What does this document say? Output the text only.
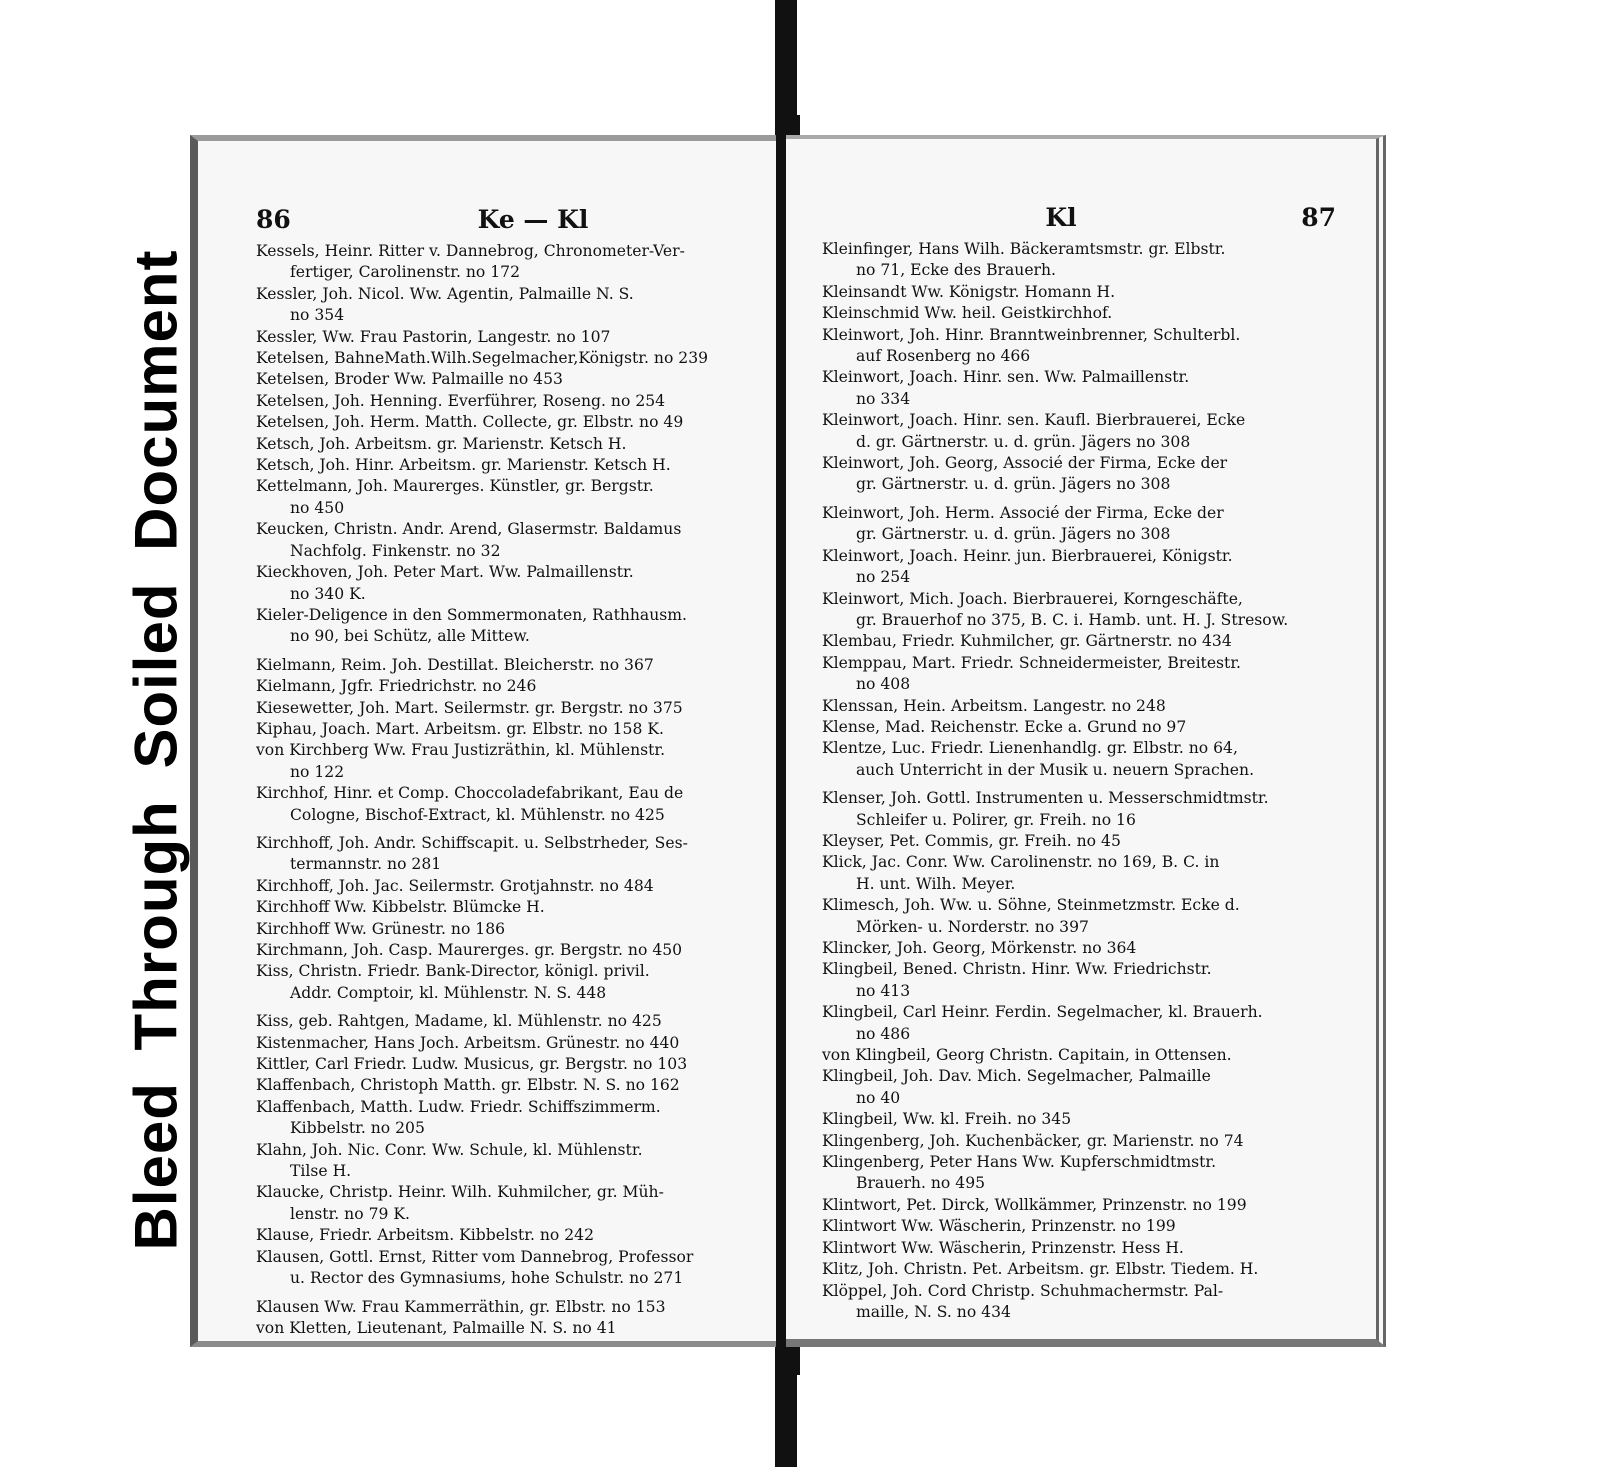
Bleed Through Soiled Document
86	Ke — Kl
Kessels, Heinr. Ritter v. Dannebrog, Chronometer-Ver-
fertiger, Carolinenstr. no 172
Kessler, Joh. Nicol. Ww. Agentin, Palmaille N. S.
no 354
Kessler, Ww. Frau Pastorin, Langestr. no 107
Ketelsen, BahneMath.Wilh.Segelmacher,Königstr. no 239
Ketelsen, Broder Ww. Palmaille no 453
Ketelsen, Joh. Henning. Everführer, Roseng. no 254
Ketelsen, Joh. Herm. Matth. Collecte, gr. Elbstr. no 49
Ketsch, Joh. Arbeitsm. gr. Marienstr. Ketsch H.
Ketsch, Joh. Hinr. Arbeitsm. gr. Marienstr. Ketsch H.
Kettelmann, Joh. Maurerges. Künstler, gr. Bergstr.
no 450
Keucken, Christn. Andr. Arend, Glasermstr. Baldamus
Nachfolg. Finkenstr. no 32
Kieckhoven, Joh. Peter Mart. Ww. Palmaillenstr.
no 340 K.
Kieler-Deligence in den Sommermonaten, Rathhausm.
no 90, bei Schütz, alle Mittew.
Kielmann, Reim. Joh. Destillat. Bleicherstr. no 367
Kielmann, Jgfr. Friedrichstr. no 246
Kiesewetter, Joh. Mart. Seilermstr. gr. Bergstr. no 375
Kiphau, Joach. Mart. Arbeitsm. gr. Elbstr. no 158 K.
von Kirchberg Ww. Frau Justizräthin, kl. Mühlenstr.
no 122
Kirchhof, Hinr. et Comp. Choccoladefabrikant, Eau de
Cologne, Bischof-Extract, kl. Mühlenstr. no 425
Kirchhoff, Joh. Andr. Schiffscapit. u. Selbstrheder, Ses-
termannstr. no 281
Kirchhoff, Joh. Jac. Seilermstr. Grotjahnstr. no 484
Kirchhoff Ww. Kibbelstr. Blümcke H.
Kirchhoff Ww. Grünestr. no 186
Kirchmann, Joh. Casp. Maurerges. gr. Bergstr. no 450
Kiss, Christn. Friedr. Bank-Director, königl. privil.
Addr. Comptoir, kl. Mühlenstr. N. S. 448
Kiss, geb. Rahtgen, Madame, kl. Mühlenstr. no 425
Kistenmacher, Hans Joch. Arbeitsm. Grünestr. no 440
Kittler, Carl Friedr. Ludw. Musicus, gr. Bergstr. no 103
Klaffenbach, Christoph Matth. gr. Elbstr. N. S. no 162
Klaffenbach, Matth. Ludw. Friedr. Schiffszimmerm.
Kibbelstr. no 205
Klahn, Joh. Nic. Conr. Ww. Schule, kl. Mühlenstr.
Tilse H.
Klaucke, Christp. Heinr. Wilh. Kuhmilcher, gr. Müh-
lenstr. no 79 K.
Klause, Friedr. Arbeitsm. Kibbelstr. no 242
Klausen, Gottl. Ernst, Ritter vom Dannebrog, Professor
u. Rector des Gymnasiums, hohe Schulstr. no 271
Klausen Ww. Frau Kammerräthin, gr. Elbstr. no 153
von Kletten, Lieutenant, Palmaille N. S. no 41
Kl	87
Kleinfinger, Hans Wilh. Bäckeramtsmstr. gr. Elbstr.
no 71, Ecke des Brauerh.
Kleinsandt Ww. Königstr. Homann H.
Kleinschmid Ww. heil. Geistkirchhof.
Kleinwort, Joh. Hinr. Branntweinbrenner, Schulterbl.
auf Rosenberg no 466
Kleinwort, Joach. Hinr. sen. Ww. Palmaillenstr.
no 334
Kleinwort, Joach. Hinr. sen. Kaufl. Bierbrauerei, Ecke
d. gr. Gärtnerstr. u. d. grün. Jägers no 308
Kleinwort, Joh. Georg, Associé der Firma, Ecke der
gr. Gärtnerstr. u. d. grün. Jägers no 308
Kleinwort, Joh. Herm. Associé der Firma, Ecke der
gr. Gärtnerstr. u. d. grün. Jägers no 308
Kleinwort, Joach. Heinr. jun. Bierbrauerei, Königstr.
no 254
Kleinwort, Mich. Joach. Bierbrauerei, Korngeschäfte,
gr. Brauerhof no 375, B. C. i. Hamb. unt. H. J. Stresow.
Klembau, Friedr. Kuhmilcher, gr. Gärtnerstr. no 434
Klemppau, Mart. Friedr. Schneidermeister, Breitestr.
no 408
Klenssan, Hein. Arbeitsm. Langestr. no 248
Klense, Mad. Reichenstr. Ecke a. Grund no 97
Klentze, Luc. Friedr. Lienenhandlg. gr. Elbstr. no 64,
auch Unterricht in der Musik u. neuern Sprachen.
Klenser, Joh. Gottl. Instrumenten u. Messerschmidtmstr.
Schleifer u. Polirer, gr. Freih. no 16
Kleyser, Pet. Commis, gr. Freih. no 45
Klick, Jac. Conr. Ww. Carolinenstr. no 169, B. C. in
H. unt. Wilh. Meyer.
Klimesch, Joh. Ww. u. Söhne, Steinmetzmstr. Ecke d.
Mörken- u. Norderstr. no 397
Klincker, Joh. Georg, Mörkenstr. no 364
Klingbeil, Bened. Christn. Hinr. Ww. Friedrichstr.
no 413
Klingbeil, Carl Heinr. Ferdin. Segelmacher, kl. Brauerh.
no 486
von Klingbeil, Georg Christn. Capitain, in Ottensen.
Klingbeil, Joh. Dav. Mich. Segelmacher, Palmaille
no 40
Klingbeil, Ww. kl. Freih. no 345
Klingenberg, Joh. Kuchenbäcker, gr. Marienstr. no 74
Klingenberg, Peter Hans Ww. Kupferschmidtmstr.
Brauerh. no 495
Klintwort, Pet. Dirck, Wollkämmer, Prinzenstr. no 199
Klintwort Ww. Wäscherin, Prinzenstr. no 199
Klintwort Ww. Wäscherin, Prinzenstr. Hess H.
Klitz, Joh. Christn. Pet. Arbeitsm. gr. Elbstr. Tiedem. H.
Klöppel, Joh. Cord Christp. Schuhmachermstr. Pal-
maille, N. S. no 434
